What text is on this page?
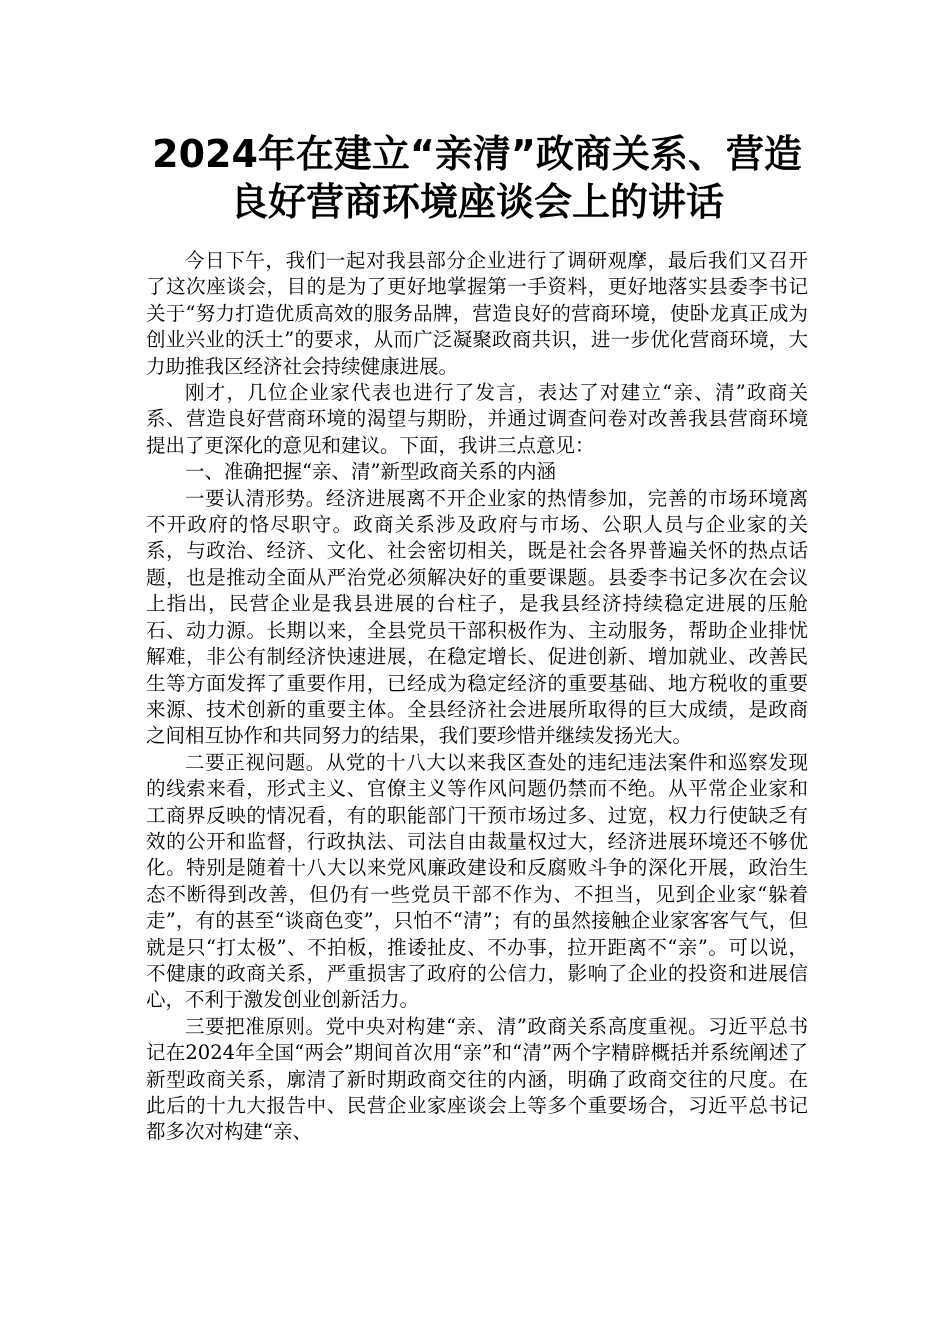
2024年在建立“亲清”政商关系、营造
良好营商环境座谈会上的讲话

今日下午，我们一起对我县部分企业进行了调研观摩，最后我们又召开了这次座谈会，目的是为了更好地掌握第一手资料，更好地落实县委李书记关于“努力打造优质高效的服务品牌，营造良好的营商环境，使卧龙真正成为创业兴业的沃土”的要求，从而广泛凝聚政商共识，进一步优化营商环境，大力助推我区经济社会持续健康进展。

刚才，几位企业家代表也进行了发言，表达了对建立“亲、清”政商关系、营造良好营商环境的渴望与期盼，并通过调查问卷对改善我县营商环境提出了更深化的意见和建议。下面，我讲三点意见：

一、准确把握“亲、清”新型政商关系的内涵

一要认清形势。经济进展离不开企业家的热情参加，完善的市场环境离不开政府的恪尽职守。政商关系涉及政府与市场、公职人员与企业家的关系，与政治、经济、文化、社会密切相关，既是社会各界普遍关怀的热点话题，也是推动全面从严治党必须解决好的重要课题。县委李书记多次在会议上指出，民营企业是我县进展的台柱子，是我县经济持续稳定进展的压舱石、动力源。长期以来，全县党员干部积极作为、主动服务，帮助企业排忧解难，非公有制经济快速进展，在稳定增长、促进创新、增加就业、改善民生等方面发挥了重要作用，已经成为稳定经济的重要基础、地方税收的重要来源、技术创新的重要主体。全县经济社会进展所取得的巨大成绩，是政商之间相互协作和共同努力的结果，我们要珍惜并继续发扬光大。

二要正视问题。从党的十八大以来我区查处的违纪违法案件和巡察发现的线索来看，形式主义、官僚主义等作风问题仍禁而不绝。从平常企业家和工商界反映的情况看，有的职能部门干预市场过多、过宽，权力行使缺乏有效的公开和监督，行政执法、司法自由裁量权过大，经济进展环境还不够优化。特别是随着十八大以来党风廉政建设和反腐败斗争的深化开展，政治生态不断得到改善，但仍有一些党员干部不作为、不担当，见到企业家“躲着走”，有的甚至“谈商色变”，只怕不“清”；有的虽然接触企业家客客气气，但就是只“打太极”、不拍板，推诿扯皮、不办事，拉开距离不“亲”。可以说，不健康的政商关系，严重损害了政府的公信力，影响了企业的投资和进展信心，不利于激发创业创新活力。

三要把准原则。党中央对构建“亲、清”政商关系高度重视。习近平总书记在2024年全国“两会”期间首次用“亲”和“清”两个字精辟概括并系统阐述了新型政商关系，廓清了新时期政商交往的内涵，明确了政商交往的尺度。在此后的十九大报告中、民营企业家座谈会上等多个重要场合，习近平总书记都多次对构建“亲、
